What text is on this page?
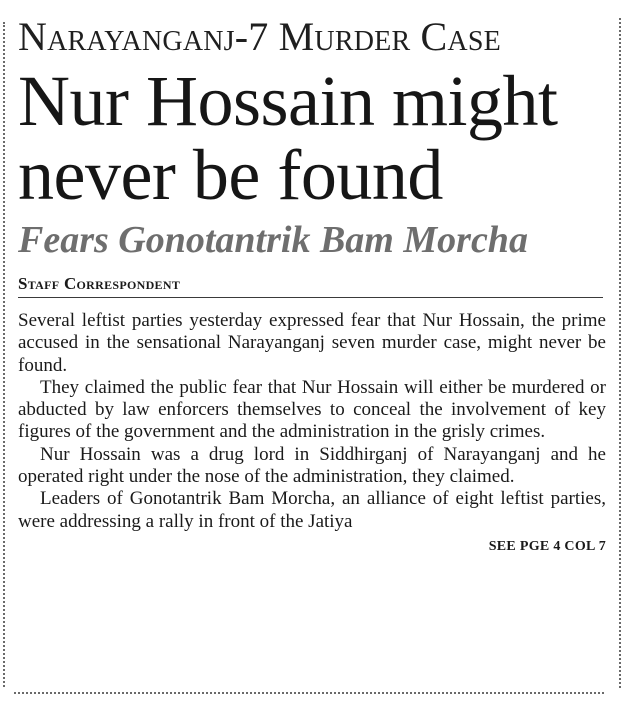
Narayanganj-7 Murder Case
Nur Hossain might
never be found
Fears Gonotantrik Bam Morcha
Staff Correspondent

Several leftist parties yesterday expressed fear that Nur Hossain, the prime accused in the sensational Narayanganj seven murder case, might never be found.

They claimed the public fear that Nur Hossain will either be murdered or abducted by law enforcers themselves to conceal the involvement of key figures of the government and the administration in the grisly crimes.

Nur Hossain was a drug lord in Siddhirganj of Narayanganj and he operated right under the nose of the administration, they claimed.

Leaders of Gonotantrik Bam Morcha, an alliance of eight leftist parties, were addressing a rally in front of the Jatiya

SEE PGE 4 COL 7
